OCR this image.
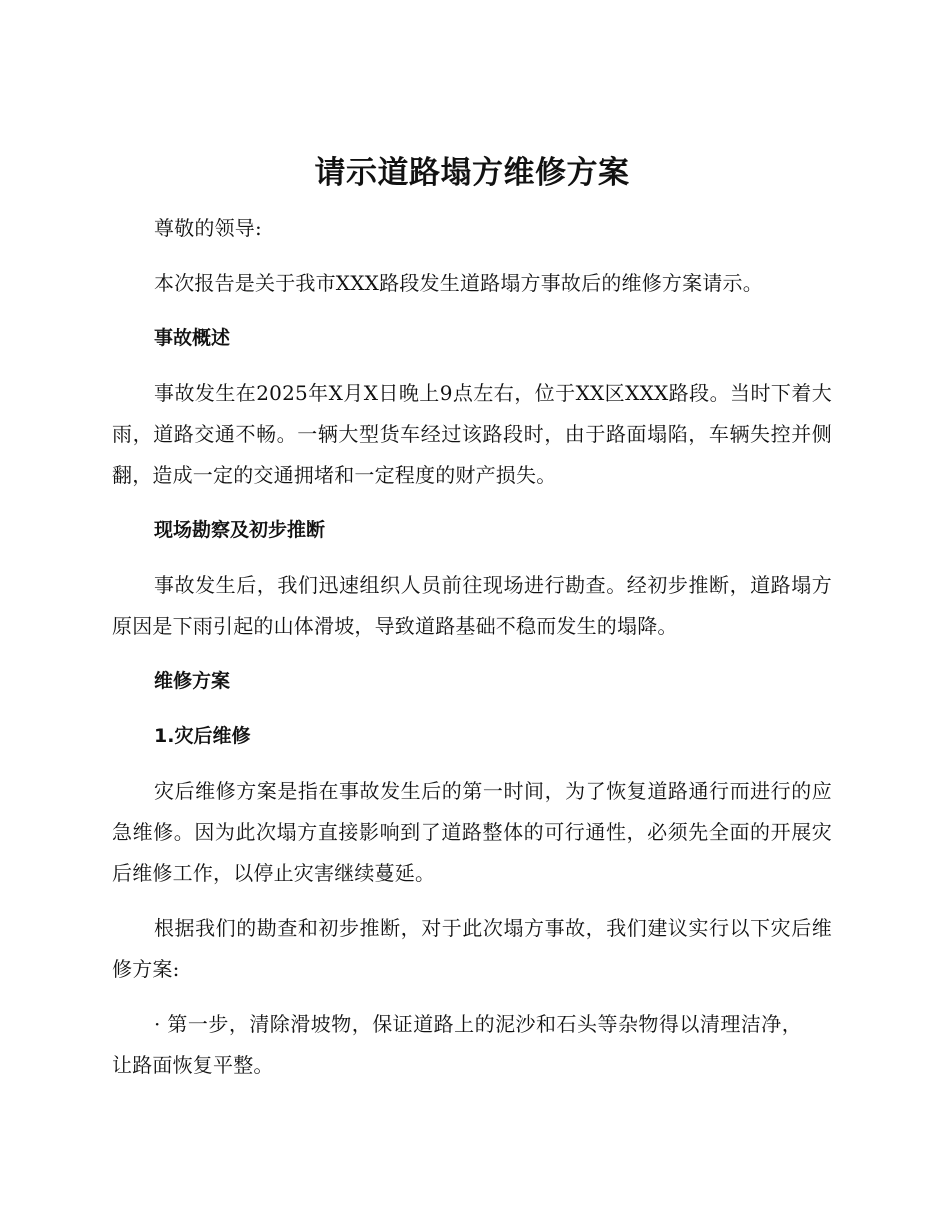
请示道路塌方维修方案

尊敬的领导:

本次报告是关于我市XXX路段发生道路塌方事故后的维修方案请示。

事故概述

事故发生在2025年X月X日晚上9点左右，位于XX区XXX路段。当时下着大雨，道路交通不畅。一辆大型货车经过该路段时，由于路面塌陷，车辆失控并侧翻，造成一定的交通拥堵和一定程度的财产损失。

现场勘察及初步推断

事故发生后，我们迅速组织人员前往现场进行勘查。经初步推断，道路塌方原因是下雨引起的山体滑坡，导致道路基础不稳而发生的塌降。

维修方案
1.灾后维修

灾后维修方案是指在事故发生后的第一时间，为了恢复道路通行而进行的应急维修。因为此次塌方直接影响到了道路整体的可行通性，必须先全面的开展灾后维修工作，以停止灾害继续蔓延。

根据我们的勘查和初步推断，对于此次塌方事故，我们建议实行以下灾后维修方案:

· 第一步，清除滑坡物，保证道路上的泥沙和石头等杂物得以清理洁净，让路面恢复平整。
